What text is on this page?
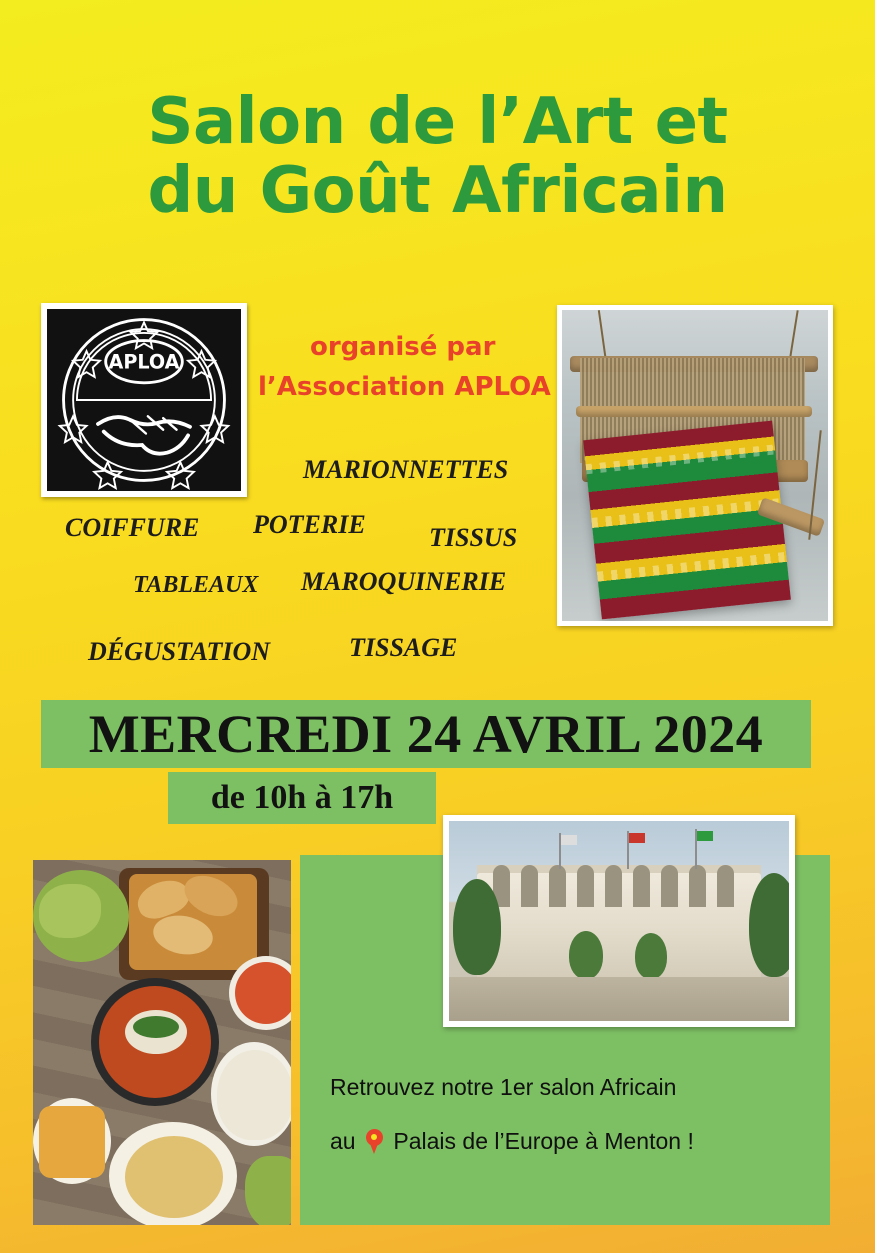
Salon de l’Art et
du Goût Africain
APLOA	organisé par
l’Association APLOA
MARIONNETTES
COIFFURE POTERIE TISSUS
TABLEAUX MAROQUINERIE
DÉGUSTATION	TISSAGE
MERCREDI 24 AVRIL 2024
de 10h à 17h
Retrouvez notre 1er salon Africain
au Palais de l’Europe à Menton !
